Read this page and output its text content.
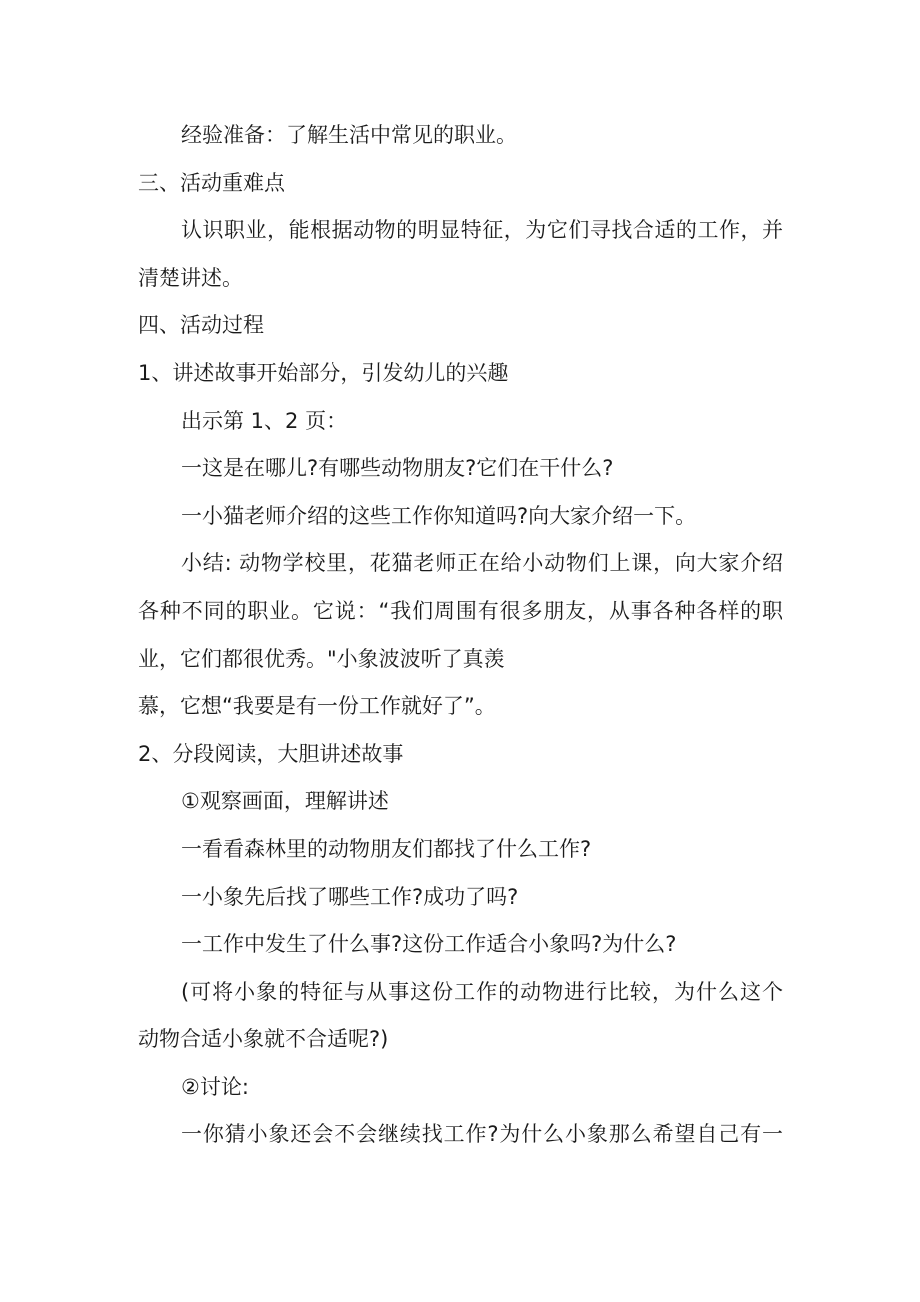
经验准备：了解生活中常见的职业。

三、活动重难点

认识职业，能根据动物的明显特征，为它们寻找合适的工作，并

清楚讲述。

四、活动过程

1、讲述故事开始部分，引发幼儿的兴趣

出示第 1、2 页：

一这是在哪儿?有哪些动物朋友?它们在干什么?

一小猫老师介绍的这些工作你知道吗?向大家介绍一下。

小结: 动物学校里，花猫老师正在给小动物们上课，向大家介绍

各种不同的职业。它说：“我们周围有很多朋友，从事各种各样的职

业，它们都很优秀。"小象波波听了真羡

慕，它想“我要是有一份工作就好了”。

2、分段阅读，大胆讲述故事

①观察画面，理解讲述

一看看森林里的动物朋友们都找了什么工作?

一小象先后找了哪些工作?成功了吗?

一工作中发生了什么事?这份工作适合小象吗?为什么?

(可将小象的特征与从事这份工作的动物进行比较，为什么这个

动物合适小象就不合适呢?)

②讨论:

一你猜小象还会不会继续找工作?为什么小象那么希望自己有一
